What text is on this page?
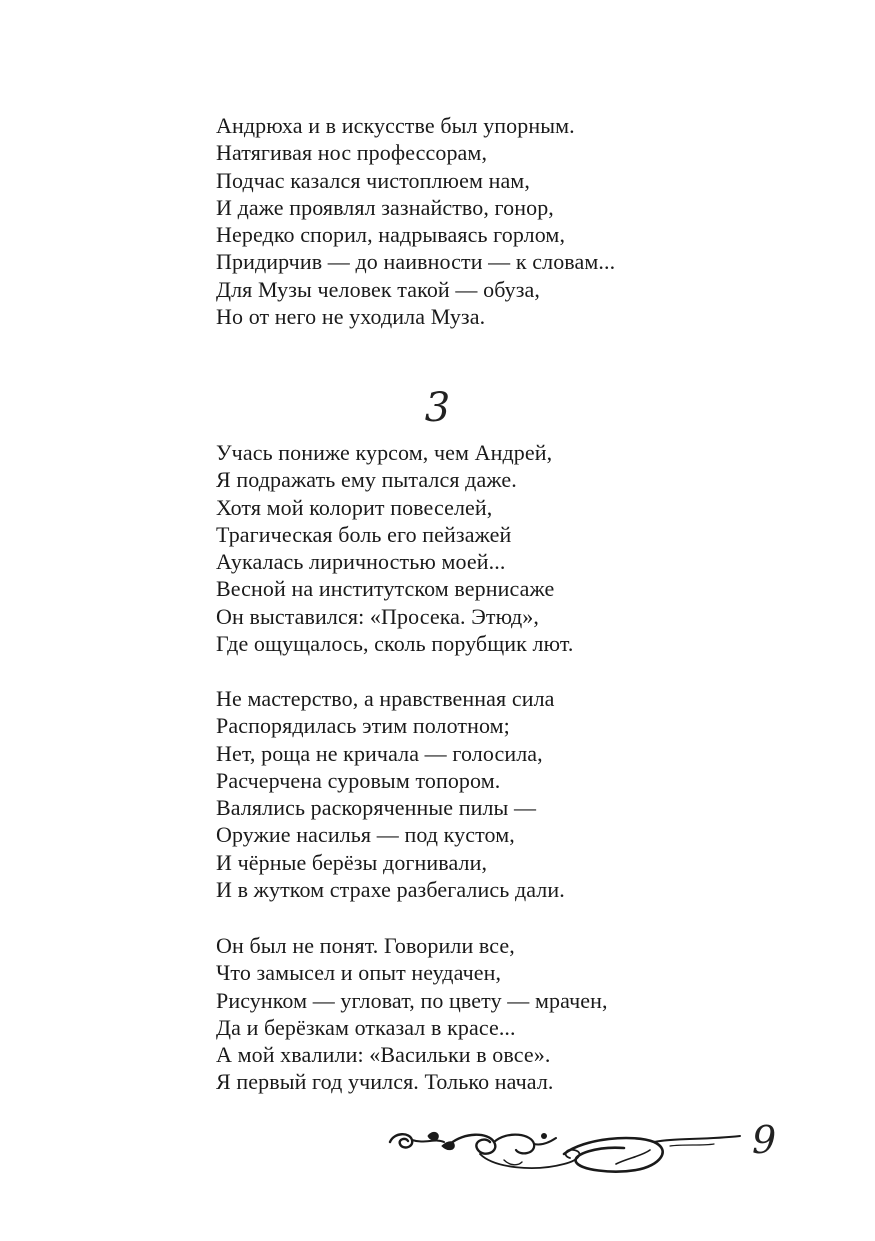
Андрюха и в искусстве был упорным.
Натягивая нос профессорам,
Подчас казался чистоплюем нам,
И даже проявлял зазнайство, гонор,
Нередко спорил, надрываясь горлом,
Придирчив — до наивности — к словам...
Для Музы человек такой — обуза,
Но от него не уходила Муза.
3
Учась пониже курсом, чем Андрей,
Я подражать ему пытался даже.
Хотя мой колорит повеселей,
Трагическая боль его пейзажей
Аукалась лиричностью моей...
Весной на институтском вернисаже
Он выставился: «Просека. Этюд»,
Где ощущалось, сколь порубщик лют.
Не мастерство, а нравственная сила
Распорядилась этим полотном;
Нет, роща не кричала — голосила,
Расчерчена суровым топором.
Валялись раскоряченные пилы —
Оружие насилья — под кустом,
И чёрные берёзы догнивали,
И в жутком страхе разбегались дали.
Он был не понят. Говорили все,
Что замысел и опыт неудачен,
Рисунком — угловат, по цвету — мрачен,
Да и берёзкам отказал в красе...
А мой хвалили: «Васильки в овсе».
Я первый год учился. Только начал.
9
